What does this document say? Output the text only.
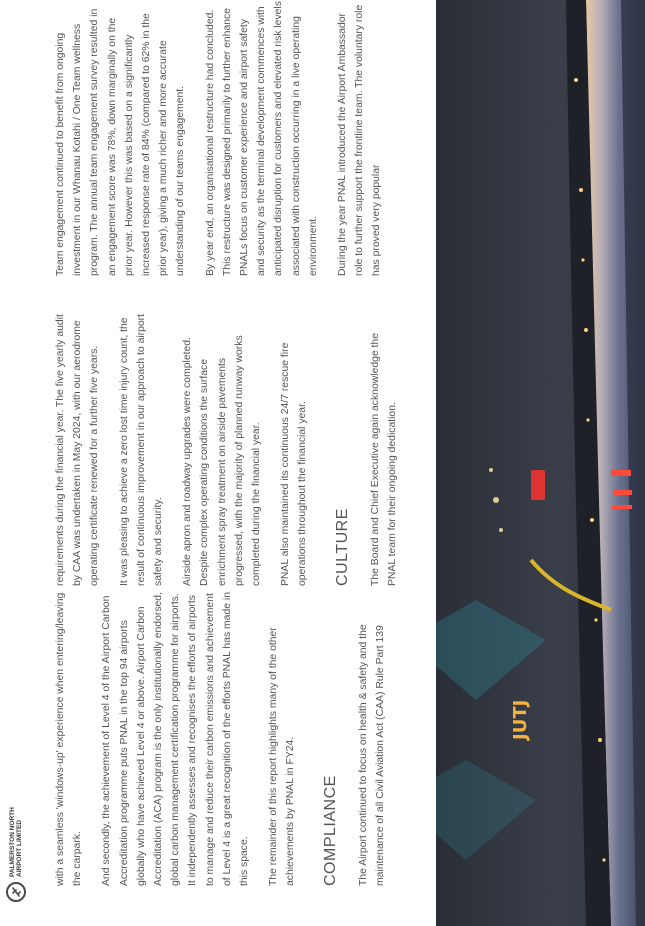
PALMERSTON NORTH AIRPORT LIMITED	with a seamless 'windows-up' experience when entering/leaving the carpark.	And secondly, the achievement of Level 4 of the Airport Carbon Accreditation programme puts PNAL in the top 94 airports globally who have achieved Level 4 or above. Airport Carbon Accreditation (ACA) program is the only institutionally endorsed, global carbon management certification programme for airports. It independently assesses and recognises the efforts of airports to manage and reduce their carbon emissions and achievement of Level 4 is a great recognition of the efforts PNAL has made in this space.	The remainder of this report highlights many of the other achievements by PNAL in FY24. COMPLIANCE The Airport continued to focus on health & safety and the maintenance of all Civil Aviation Act (CAA) Rule Part 139

requirements during the financial year. The five yearly audit by CAA was undertaken in May 2024, with our aerodrome operating certificate renewed for a further five years.	It was pleasing to achieve a zero lost time injury count, the result of continuous improvement in our approach to airport safety and security.	Airside apron and roadway upgrades were completed. Despite complex operating conditions the surface enrichment spray treatment on airside pavements progressed, with the majority of planned runway works completed during the financial year.	PNAL also maintained its continuous 24/7 rescue fire operations throughout the financial year. CULTURE The Board and Chief Executive again acknowledge the PNAL team for their ongoing dedication.

Team engagement continued to benefit from ongoing investment in our Whanau Kotahi / One Team wellness program. The annual team engagement survey resulted in an engagement score was 78%, down marginally on the prior year. However this was based on a significantly increased response rate of 84% (compared to 62% in the prior year), giving a much richer and more accurate understanding of our teams engagement.	By year end, an organisational restructure had concluded. This restructure was designed primarily to further enhance PNALs focus on customer experience and airport safety and security as the terminal development commences with anticipated disruption for customers and elevated risk levels associated with construction occurring in a live operating environment.	During the year PNAL introduced the Airport Ambassador role to further support the frontline team. The voluntary role has proved very popular

JUTJ
